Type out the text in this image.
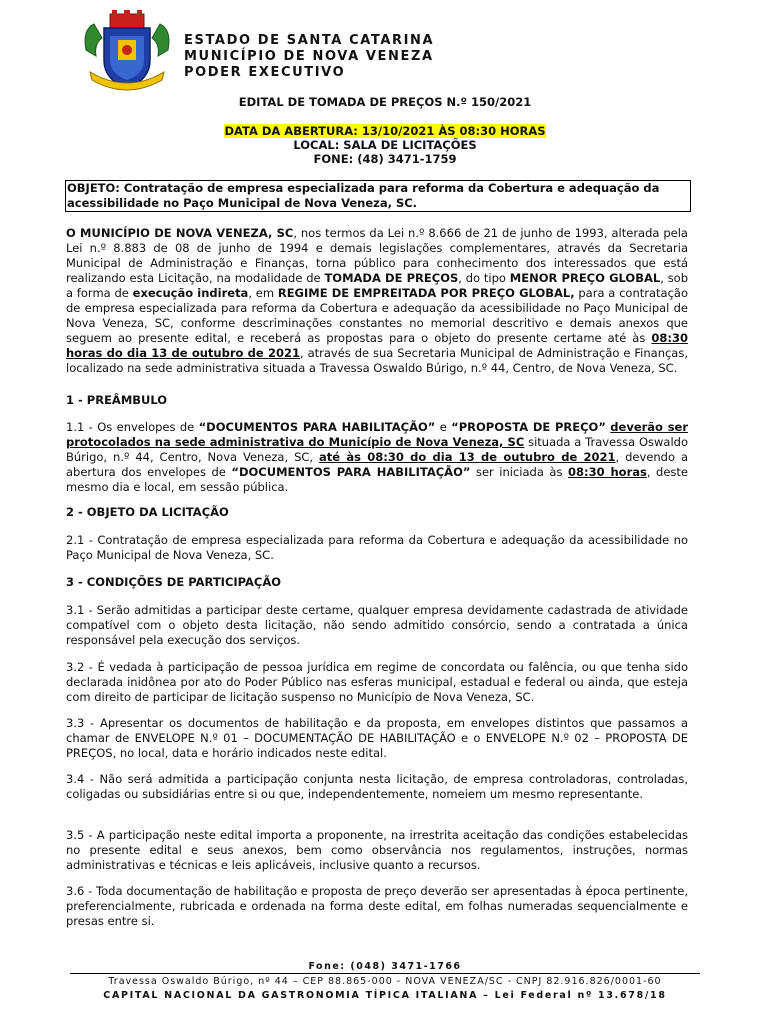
ESTADO DE SANTA CATARINA
MUNICÍPIO DE NOVA VENEZA
PODER EXECUTIVO
EDITAL DE TOMADA DE PREÇOS N.º 150/2021
DATA DA ABERTURA: 13/10/2021 ÀS 08:30 HORAS
LOCAL: SALA DE LICITAÇÕES
FONE: (48) 3471-1759
OBJETO: Contratação de empresa especializada para reforma da Cobertura e adequação da acessibilidade no Paço Municipal de Nova Veneza, SC.
O MUNICÍPIO DE NOVA VENEZA, SC, nos termos da Lei n.º 8.666 de 21 de junho de 1993, alterada pela Lei n.º 8.883 de 08 de junho de 1994 e demais legislações complementares, através da Secretaria Municipal de Administração e Finanças, torna público para conhecimento dos interessados que está realizando esta Licitação, na modalidade de TOMADA DE PREÇOS, do tipo MENOR PREÇO GLOBAL, sob a forma de execução indireta, em REGIME DE EMPREITADA POR PREÇO GLOBAL, para a contratação de empresa especializada para reforma da Cobertura e adequação da acessibilidade no Paço Municipal de Nova Veneza, SC, conforme descriminações constantes no memorial descritivo e demais anexos que seguem ao presente edital, e receberá as propostas para o objeto do presente certame até às 08:30 horas do dia 13 de outubro de 2021, através de sua Secretaria Municipal de Administração e Finanças, localizado na sede administrativa situada a Travessa Oswaldo Búrigo, n.º 44, Centro, de Nova Veneza, SC.
1 - PREÂMBULO
1.1 - Os envelopes de “DOCUMENTOS PARA HABILITAÇÃO” e “PROPOSTA DE PREÇO” deverão ser protocolados na sede administrativa do Município de Nova Veneza, SC situada a Travessa Oswaldo Búrigo, n.º 44, Centro, Nova Veneza, SC, até às 08:30 do dia 13 de outubro de 2021, devendo a abertura dos envelopes de “DOCUMENTOS PARA HABILITAÇÃO” ser iniciada às 08:30 horas, deste mesmo dia e local, em sessão pública.
2 - OBJETO DA LICITAÇÃO
2.1 - Contratação de empresa especializada para reforma da Cobertura e adequação da acessibilidade no Paço Municipal de Nova Veneza, SC.
3 - CONDIÇÕES DE PARTICIPAÇÃO
3.1 - Serão admitidas a participar deste certame, qualquer empresa devidamente cadastrada de atividade compatível com o objeto desta licitação, não sendo admitido consórcio, sendo a contratada a única responsável pela execução dos serviços.
3.2 - É vedada à participação de pessoa jurídica em regime de concordata ou falência, ou que tenha sido declarada inidônea por ato do Poder Público nas esferas municipal, estadual e federal ou ainda, que esteja com direito de participar de licitação suspenso no Município de Nova Veneza, SC.
3.3 - Apresentar os documentos de habilitação e da proposta, em envelopes distintos que passamos a chamar de ENVELOPE N.º 01 – DOCUMENTAÇÃO DE HABILITAÇÃO e o ENVELOPE N.º 02 – PROPOSTA DE PREÇOS, no local, data e horário indicados neste edital.
3.4 - Não será admitida a participação conjunta nesta licitação, de empresa controladoras, controladas, coligadas ou subsidiárias entre si ou que, independentemente, nomeiem um mesmo representante.
3.5 - A participação neste edital importa a proponente, na irrestrita aceitação das condições estabelecidas no presente edital e seus anexos, bem como observância nos regulamentos, instruções, normas administrativas e técnicas e leis aplicáveis, inclusive quanto a recursos.
3.6 - Toda documentação de habilitação e proposta de preço deverão ser apresentadas à época pertinente, preferencialmente, rubricada e ordenada na forma deste edital, em folhas numeradas sequencialmente e presas entre si.
Fone: (048) 3471-1766
Travessa Oswaldo Búrigo, nº 44 – CEP 88.865-000 - NOVA VENEZA/SC - CNPJ 82.916.826/0001-60
CAPITAL NACIONAL DA GASTRONOMIA TÍPICA ITALIANA – Lei Federal nº 13.678/18
